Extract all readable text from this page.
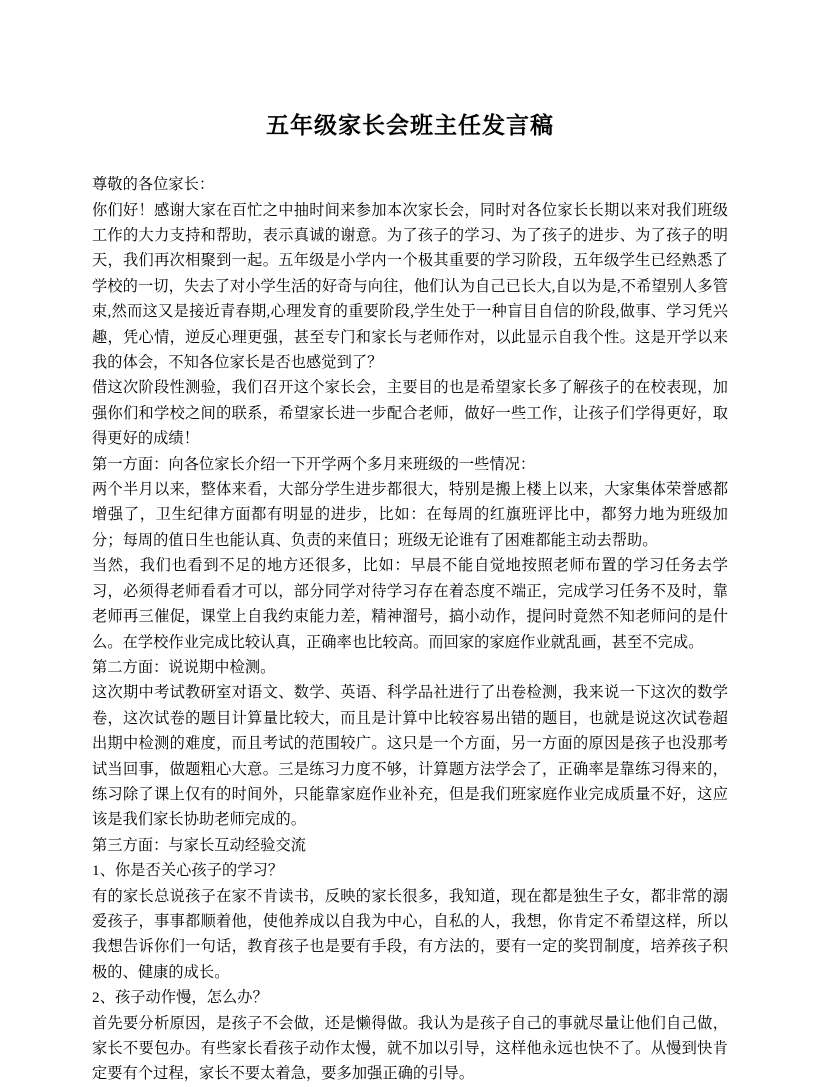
五年级家长会班主任发言稿

尊敬的各位家长：

你们好！感谢大家在百忙之中抽时间来参加本次家长会，同时对各位家长长期以来对我们班级工作的大力支持和帮助，表示真诚的谢意。为了孩子的学习、为了孩子的进步、为了孩子的明天，我们再次相聚到一起。五年级是小学内一个极其重要的学习阶段，五年级学生已经熟悉了学校的一切，失去了对小学生活的好奇与向往，他们认为自己已长大,自以为是,不希望别人多管束,然而这又是接近青春期,心理发育的重要阶段,学生处于一种盲目自信的阶段,做事、学习凭兴趣，凭心情，逆反心理更强，甚至专门和家长与老师作对，以此显示自我个性。这是开学以来我的体会，不知各位家长是否也感觉到了？

借这次阶段性测验，我们召开这个家长会，主要目的也是希望家长多了解孩子的在校表现，加强你们和学校之间的联系，希望家长进一步配合老师，做好一些工作，让孩子们学得更好，取得更好的成绩！

第一方面：向各位家长介绍一下开学两个多月来班级的一些情况：

两个半月以来，整体来看，大部分学生进步都很大，特别是搬上楼上以来，大家集体荣誉感都增强了，卫生纪律方面都有明显的进步，比如：在每周的红旗班评比中，都努力地为班级加分；每周的值日生也能认真、负责的来值日；班级无论谁有了困难都能主动去帮助。

当然，我们也看到不足的地方还很多，比如：早晨不能自觉地按照老师布置的学习任务去学习，必须得老师看看才可以，部分同学对待学习存在着态度不端正，完成学习任务不及时，靠老师再三催促，课堂上自我约束能力差，精神溜号，搞小动作，提问时竟然不知老师问的是什么。在学校作业完成比较认真，正确率也比较高。而回家的家庭作业就乱画，甚至不完成。

第二方面：说说期中检测。

这次期中考试教研室对语文、数学、英语、科学品社进行了出卷检测，我来说一下这次的数学卷，这次试卷的题目计算量比较大，而且是计算中比较容易出错的题目，也就是说这次试卷超出期中检测的难度，而且考试的范围较广。这只是一个方面，另一方面的原因是孩子也没那考试当回事，做题粗心大意。三是练习力度不够，计算题方法学会了，正确率是靠练习得来的，练习除了课上仅有的时间外，只能靠家庭作业补充，但是我们班家庭作业完成质量不好，这应该是我们家长协助老师完成的。

第三方面：与家长互动经验交流

1、你是否关心孩子的学习？

有的家长总说孩子在家不肯读书，反映的家长很多，我知道，现在都是独生子女，都非常的溺爱孩子，事事都顺着他，使他养成以自我为中心，自私的人，我想，你肯定不希望这样，所以我想告诉你们一句话，教育孩子也是要有手段，有方法的，要有一定的奖罚制度，培养孩子积极的、健康的成长。

2、孩子动作慢，怎么办？

首先要分析原因，是孩子不会做，还是懒得做。我认为是孩子自己的事就尽量让他们自己做，家长不要包办。有些家长看孩子动作太慢，就不加以引导，这样他永远也快不了。从慢到快肯定要有个过程，家长不要太着急，要多加强正确的引导。
